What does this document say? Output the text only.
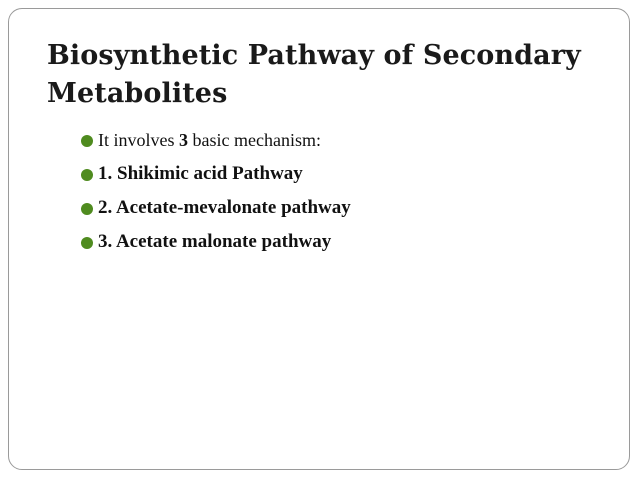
Biosynthetic Pathway of Secondary Metabolites
It involves 3 basic mechanism:
1. Shikimic acid Pathway
2. Acetate-mevalonate pathway
3. Acetate malonate pathway
